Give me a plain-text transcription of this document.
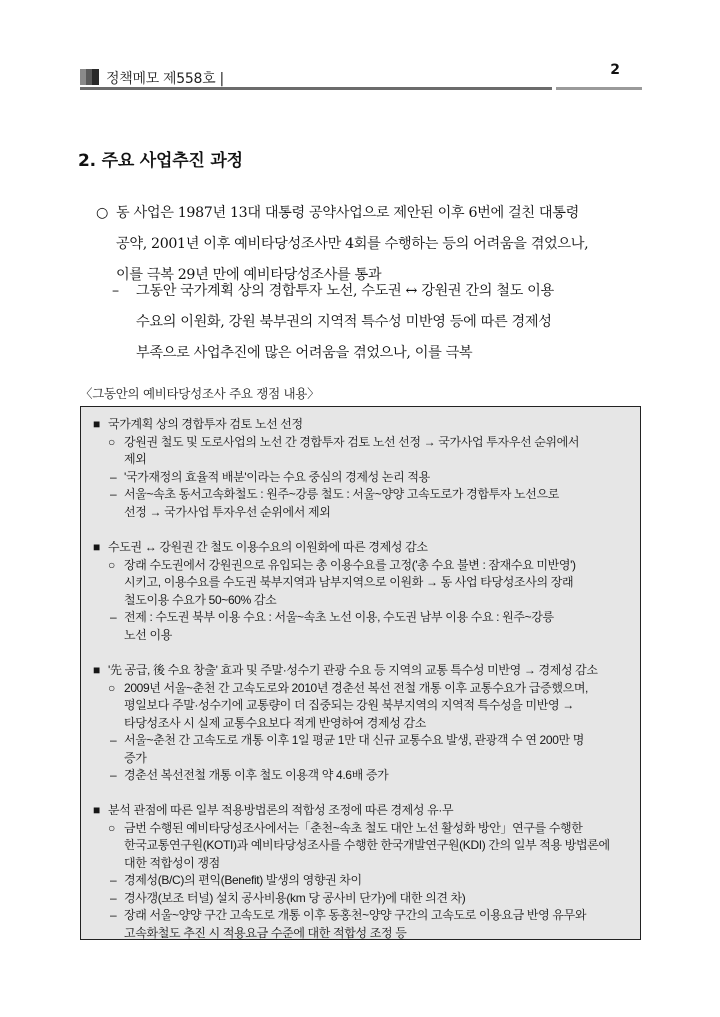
정책메모 제558호 |
2
2. 주요 사업추진 과정
○ 동 사업은 1987년 13대 대통령 공약사업으로 제안된 이후 6번에 걸친 대통령
공약, 2001년 이후 예비타당성조사만 4회를 수행하는 등의 어려움을 겪었으나,
이를 극복 29년 만에 예비타당성조사를 통과
– 그동안 국가계획 상의 경합투자 노선, 수도권 ↔ 강원권 간의 철도 이용
수요의 이원화, 강원 북부권의 지역적 특수성 미반영 등에 따른 경제성
부족으로 사업추진에 많은 어려움을 겪었으나, 이를 극복
〈그동안의 예비타당성조사 주요 쟁점 내용〉
■ 국가계획 상의 경합투자 검토 노선 선정
○ 강원권 철도 및 도로사업의 노선 간 경합투자 검토 노선 선정 → 국가사업 투자우선 순위에서
제외
– '국가재정의 효율적 배분'이라는 수요 중심의 경제성 논리 적용
– 서울~속초 동서고속화철도 : 원주~강릉 철도 : 서울~양양 고속도로가 경합투자 노선으로
선정 → 국가사업 투자우선 순위에서 제외
■ 수도권 ↔ 강원권 간 철도 이용수요의 이원화에 따른 경제성 감소
○ 장래 수도권에서 강원권으로 유입되는 총 이용수요를 고정('총 수요 불변 : 잠재수요 미반영')
시키고, 이용수요를 수도권 북부지역과 남부지역으로 이원화 → 동 사업 타당성조사의 장래
철도이용 수요가 50~60% 감소
– 전제 : 수도권 북부 이용 수요 : 서울~속초 노선 이용, 수도권 남부 이용 수요 : 원주~강릉
노선 이용
■ '先 공급, 後 수요 창출' 효과 및 주말·성수기 관광 수요 등 지역의 교통 특수성 미반영 → 경제성 감소
○ 2009년 서울~춘천 간 고속도로와 2010년 경춘선 복선 전철 개통 이후 교통수요가 급증했으며,
평일보다 주말·성수기에 교통량이 더 집중되는 강원 북부지역의 지역적 특수성을 미반영 →
타당성조사 시 실제 교통수요보다 적게 반영하여 경제성 감소
– 서울~춘천 간 고속도로 개통 이후 1일 평균 1만 대 신규 교통수요 발생, 관광객 수 연 200만 명
증가
– 경춘선 복선전철 개통 이후 철도 이용객 약 4.6배 증가
■ 분석 관점에 따른 일부 적용방법론의 적합성 조정에 따른 경제성 유·무
○ 금번 수행된 예비타당성조사에서는「춘천~속초 철도 대안 노선 활성화 방안」연구를 수행한
한국교통연구원(KOTI)과 예비타당성조사를 수행한 한국개발연구원(KDI) 간의 일부 적용 방법론에
대한 적합성이 쟁점
– 경제성(B/C)의 편익(Benefit) 발생의 영향권 차이
– 경사갱(보조 터널) 설치 공사비용(km 당 공사비 단가)에 대한 의견 차)
– 장래 서울~양양 구간 고속도로 개통 이후 동홍천~양양 구간의 고속도로 이용요금 반영 유무와
고속화철도 추진 시 적용요금 수준에 대한 적합성 조정 등
